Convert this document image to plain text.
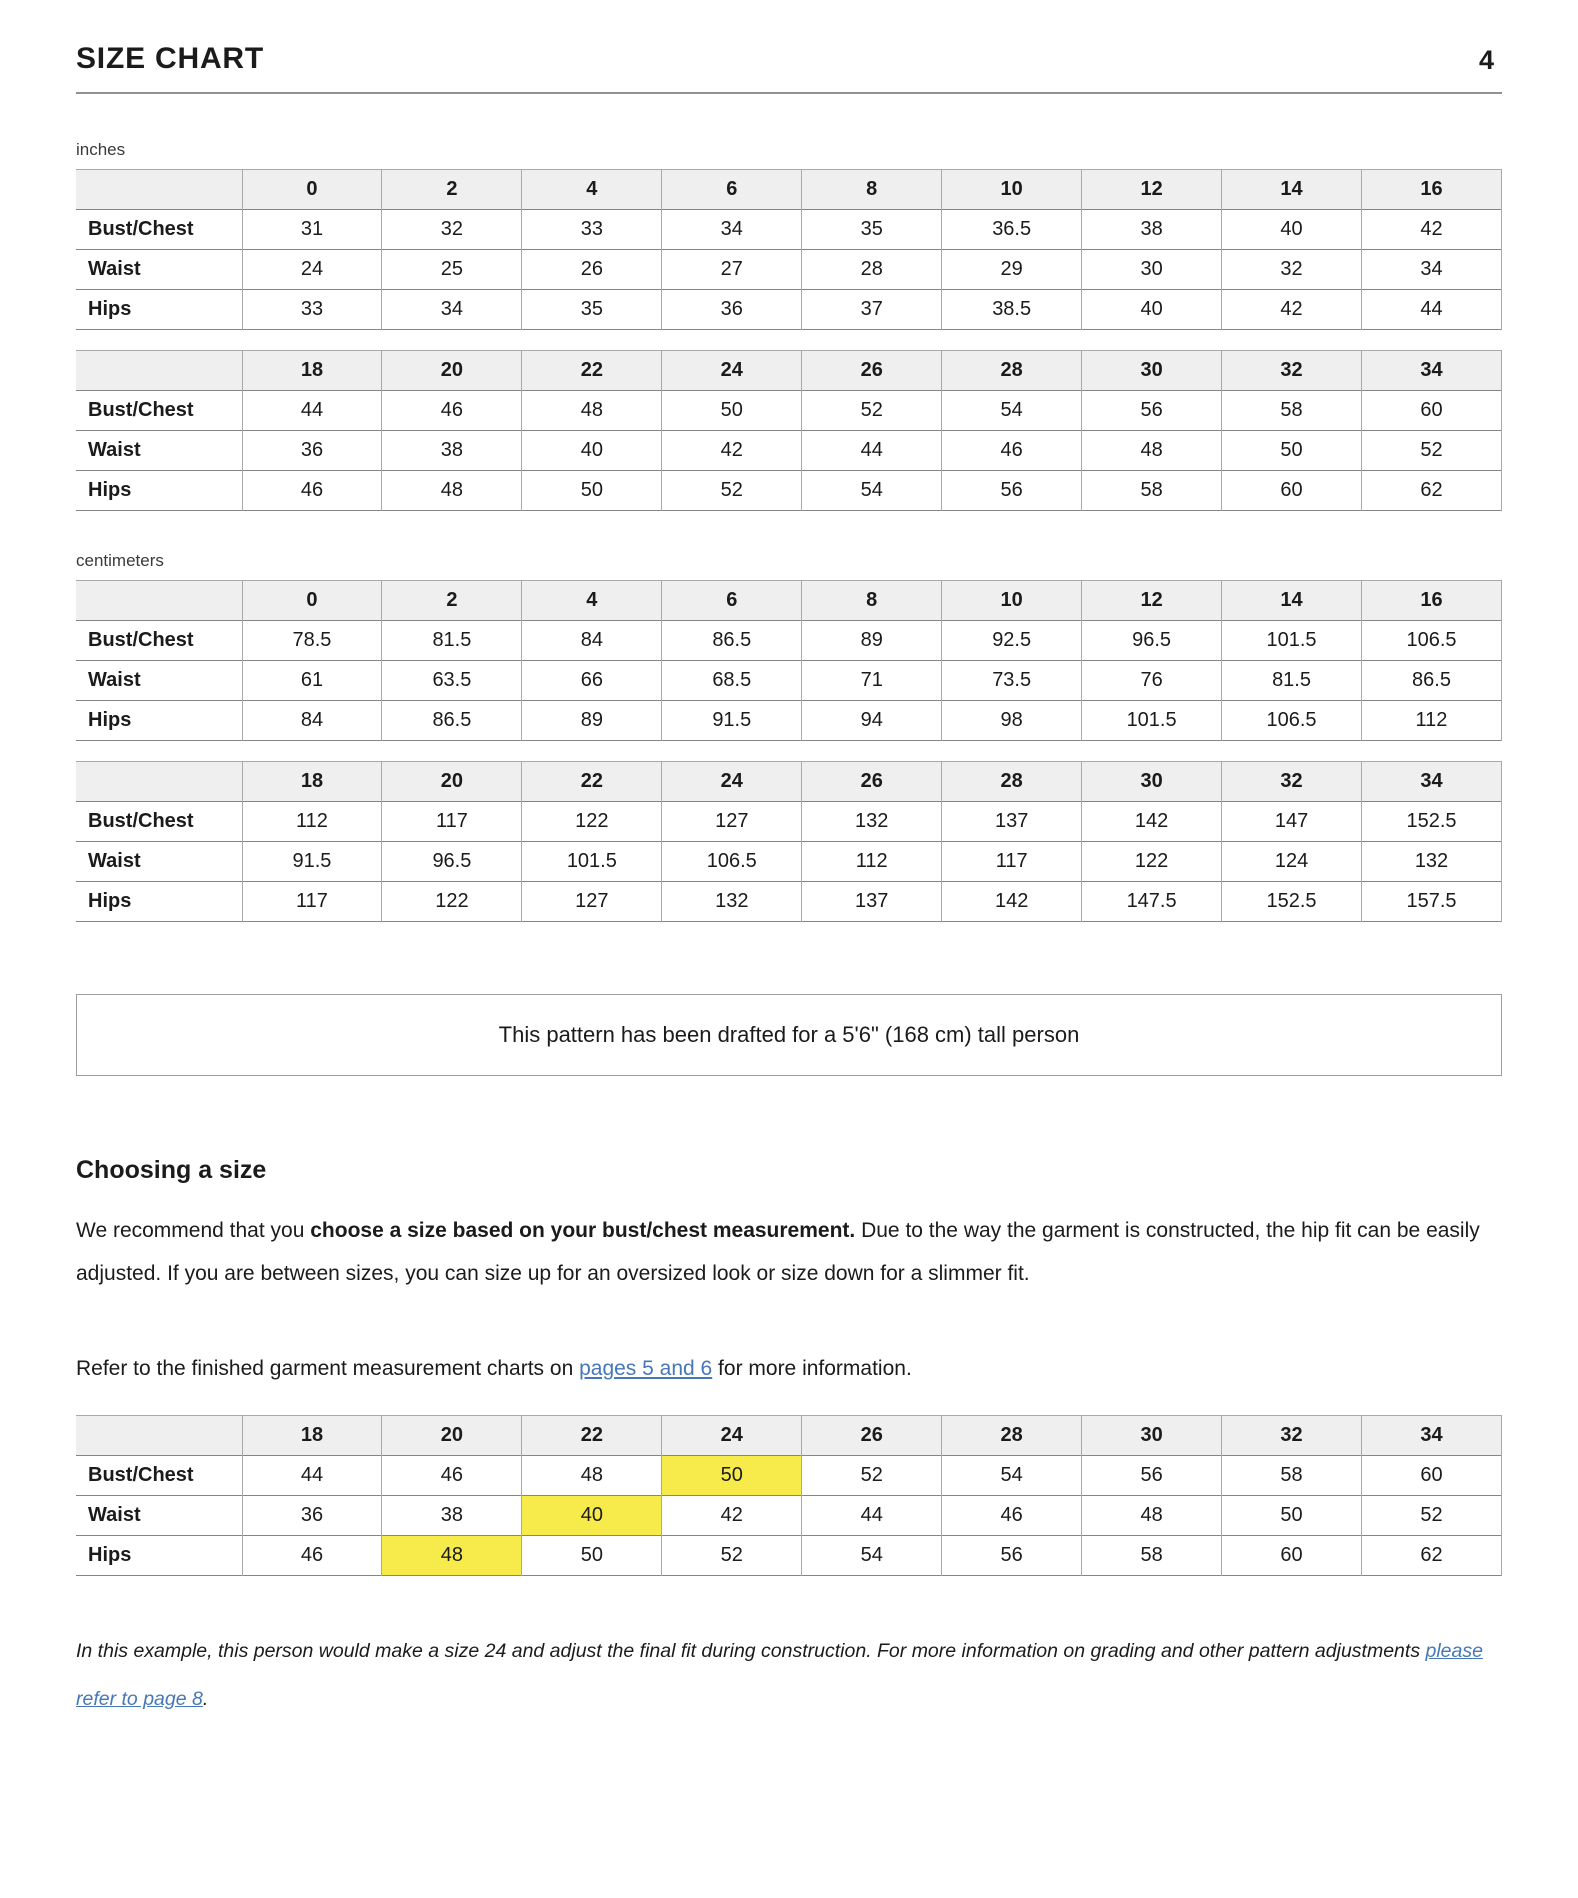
SIZE CHART	4
inches
	0	2	4	6	8	10	12	14	16
Bust/Chest	31	32	33	34	35	36.5	38	40	42
Waist	24	25	26	27	28	29	30	32	34
Hips	33	34	35	36	37	38.5	40	42	44
	18	20	22	24	26	28	30	32	34
Bust/Chest	44	46	48	50	52	54	56	58	60
Waist	36	38	40	42	44	46	48	50	52
Hips	46	48	50	52	54	56	58	60	62
centimeters
	0	2	4	6	8	10	12	14	16
Bust/Chest	78.5	81.5	84	86.5	89	92.5	96.5	101.5	106.5
Waist	61	63.5	66	68.5	71	73.5	76	81.5	86.5
Hips	84	86.5	89	91.5	94	98	101.5	106.5	112
	18	20	22	24	26	28	30	32	34
Bust/Chest	112	117	122	127	132	137	142	147	152.5
Waist	91.5	96.5	101.5	106.5	112	117	122	124	132
Hips	117	122	127	132	137	142	147.5	152.5	157.5
This pattern has been drafted for a 5'6" (168 cm) tall person
Choosing a size

We recommend that you choose a size based on your bust/chest measurement. Due to the way the garment is constructed, the hip fit can be easily adjusted. If you are between sizes, you can size up for an oversized look or size down for a slimmer fit.

Refer to the finished garment measurement charts on pages 5 and 6 for more information.

	18	20	22	24	26	28	30	32	34
Bust/Chest	44	46	48	50	52	54	56	58	60
Waist	36	38	40	42	44	46	48	50	52
Hips	46	48	50	52	54	56	58	60	62

In this example, this person would make a size 24 and adjust the final fit during construction. For more information on grading and other pattern adjustments please refer to page 8.
